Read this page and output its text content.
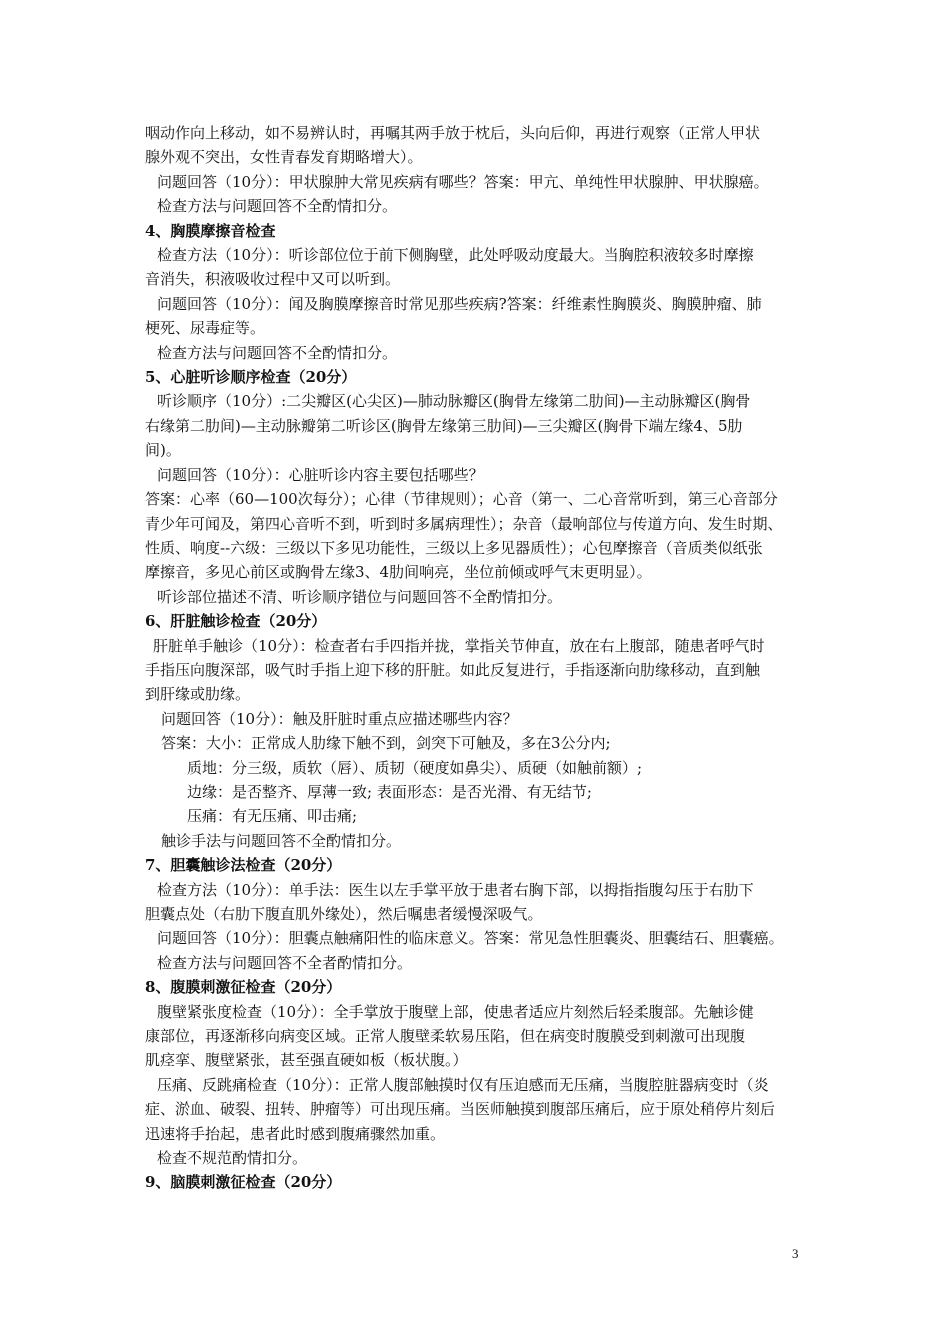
咽动作向上移动，如不易辨认时，再嘱其两手放于枕后，头向后仰，再进行观察（正常人甲状
腺外观不突出，女性青春发育期略增大）。
问题回答（10分）：甲状腺肿大常见疾病有哪些？答案：甲亢、单纯性甲状腺肿、甲状腺癌。
检查方法与问题回答不全酌情扣分。
4、胸膜摩擦音检查
检查方法（10分）：听诊部位位于前下侧胸壁，此处呼吸动度最大。当胸腔积液较多时摩擦
音消失，积液吸收过程中又可以听到。
问题回答（10分）：闻及胸膜摩擦音时常见那些疾病?答案：纤维素性胸膜炎、胸膜肿瘤、肺
梗死、尿毒症等。
检查方法与问题回答不全酌情扣分。
5、心脏听诊顺序检查（20分）
听诊顺序（10分）:二尖瓣区(心尖区)—肺动脉瓣区(胸骨左缘第二肋间)—主动脉瓣区(胸骨
右缘第二肋间)—主动脉瓣第二听诊区(胸骨左缘第三肋间)—三尖瓣区(胸骨下端左缘4、5肋
间)。
问题回答（10分）：心脏听诊内容主要包括哪些？
答案：心率（60—100次每分）；心律（节律规则）；心音（第一、二心音常听到，第三心音部分
青少年可闻及，第四心音听不到，听到时多属病理性）；杂音（最响部位与传道方向、发生时期、
性质、响度--六级：三级以下多见功能性，三级以上多见器质性）；心包摩擦音（音质类似纸张
摩擦音，多见心前区或胸骨左缘3、4肋间响亮，坐位前倾或呼气末更明显）。
听诊部位描述不清、听诊顺序错位与问题回答不全酌情扣分。
6、肝脏触诊检查（20分）
肝脏单手触诊（10分）：检查者右手四指并拢，掌指关节伸直，放在右上腹部，随患者呼气时
手指压向腹深部，吸气时手指上迎下移的肝脏。如此反复进行，手指逐渐向肋缘移动，直到触
到肝缘或肋缘。
问题回答（10分）：触及肝脏时重点应描述哪些内容？
答案：大小：正常成人肋缘下触不到，剑突下可触及，多在3公分内;
质地：分三级，质软（唇）、质韧（硬度如鼻尖）、质硬（如触前额）;
边缘：是否整齐、厚薄一致; 表面形态：是否光滑、有无结节;
压痛：有无压痛、叩击痛;
触诊手法与问题回答不全酌情扣分。
7、胆囊触诊法检查（20分）
检查方法（10分）：单手法：医生以左手掌平放于患者右胸下部，以拇指指腹勾压于右肋下
胆囊点处（右肋下腹直肌外缘处），然后嘱患者缓慢深吸气。
问题回答（10分）：胆囊点触痛阳性的临床意义。答案：常见急性胆囊炎、胆囊结石、胆囊癌。
检查方法与问题回答不全者酌情扣分。
8、腹膜刺激征检查（20分）
腹壁紧张度检查（10分）：全手掌放于腹壁上部，使患者适应片刻然后轻柔腹部。先触诊健
康部位，再逐渐移向病变区域。正常人腹壁柔软易压陷，但在病变时腹膜受到刺激可出现腹
肌痉挛、腹壁紧张，甚至强直硬如板（板状腹。）
压痛、反跳痛检查（10分）：正常人腹部触摸时仅有压迫感而无压痛，当腹腔脏器病变时（炎
症、淤血、破裂、扭转、肿瘤等）可出现压痛。当医师触摸到腹部压痛后，应于原处稍停片刻后
迅速将手抬起，患者此时感到腹痛骤然加重。
检查不规范酌情扣分。
9、脑膜刺激征检查（20分）
3
